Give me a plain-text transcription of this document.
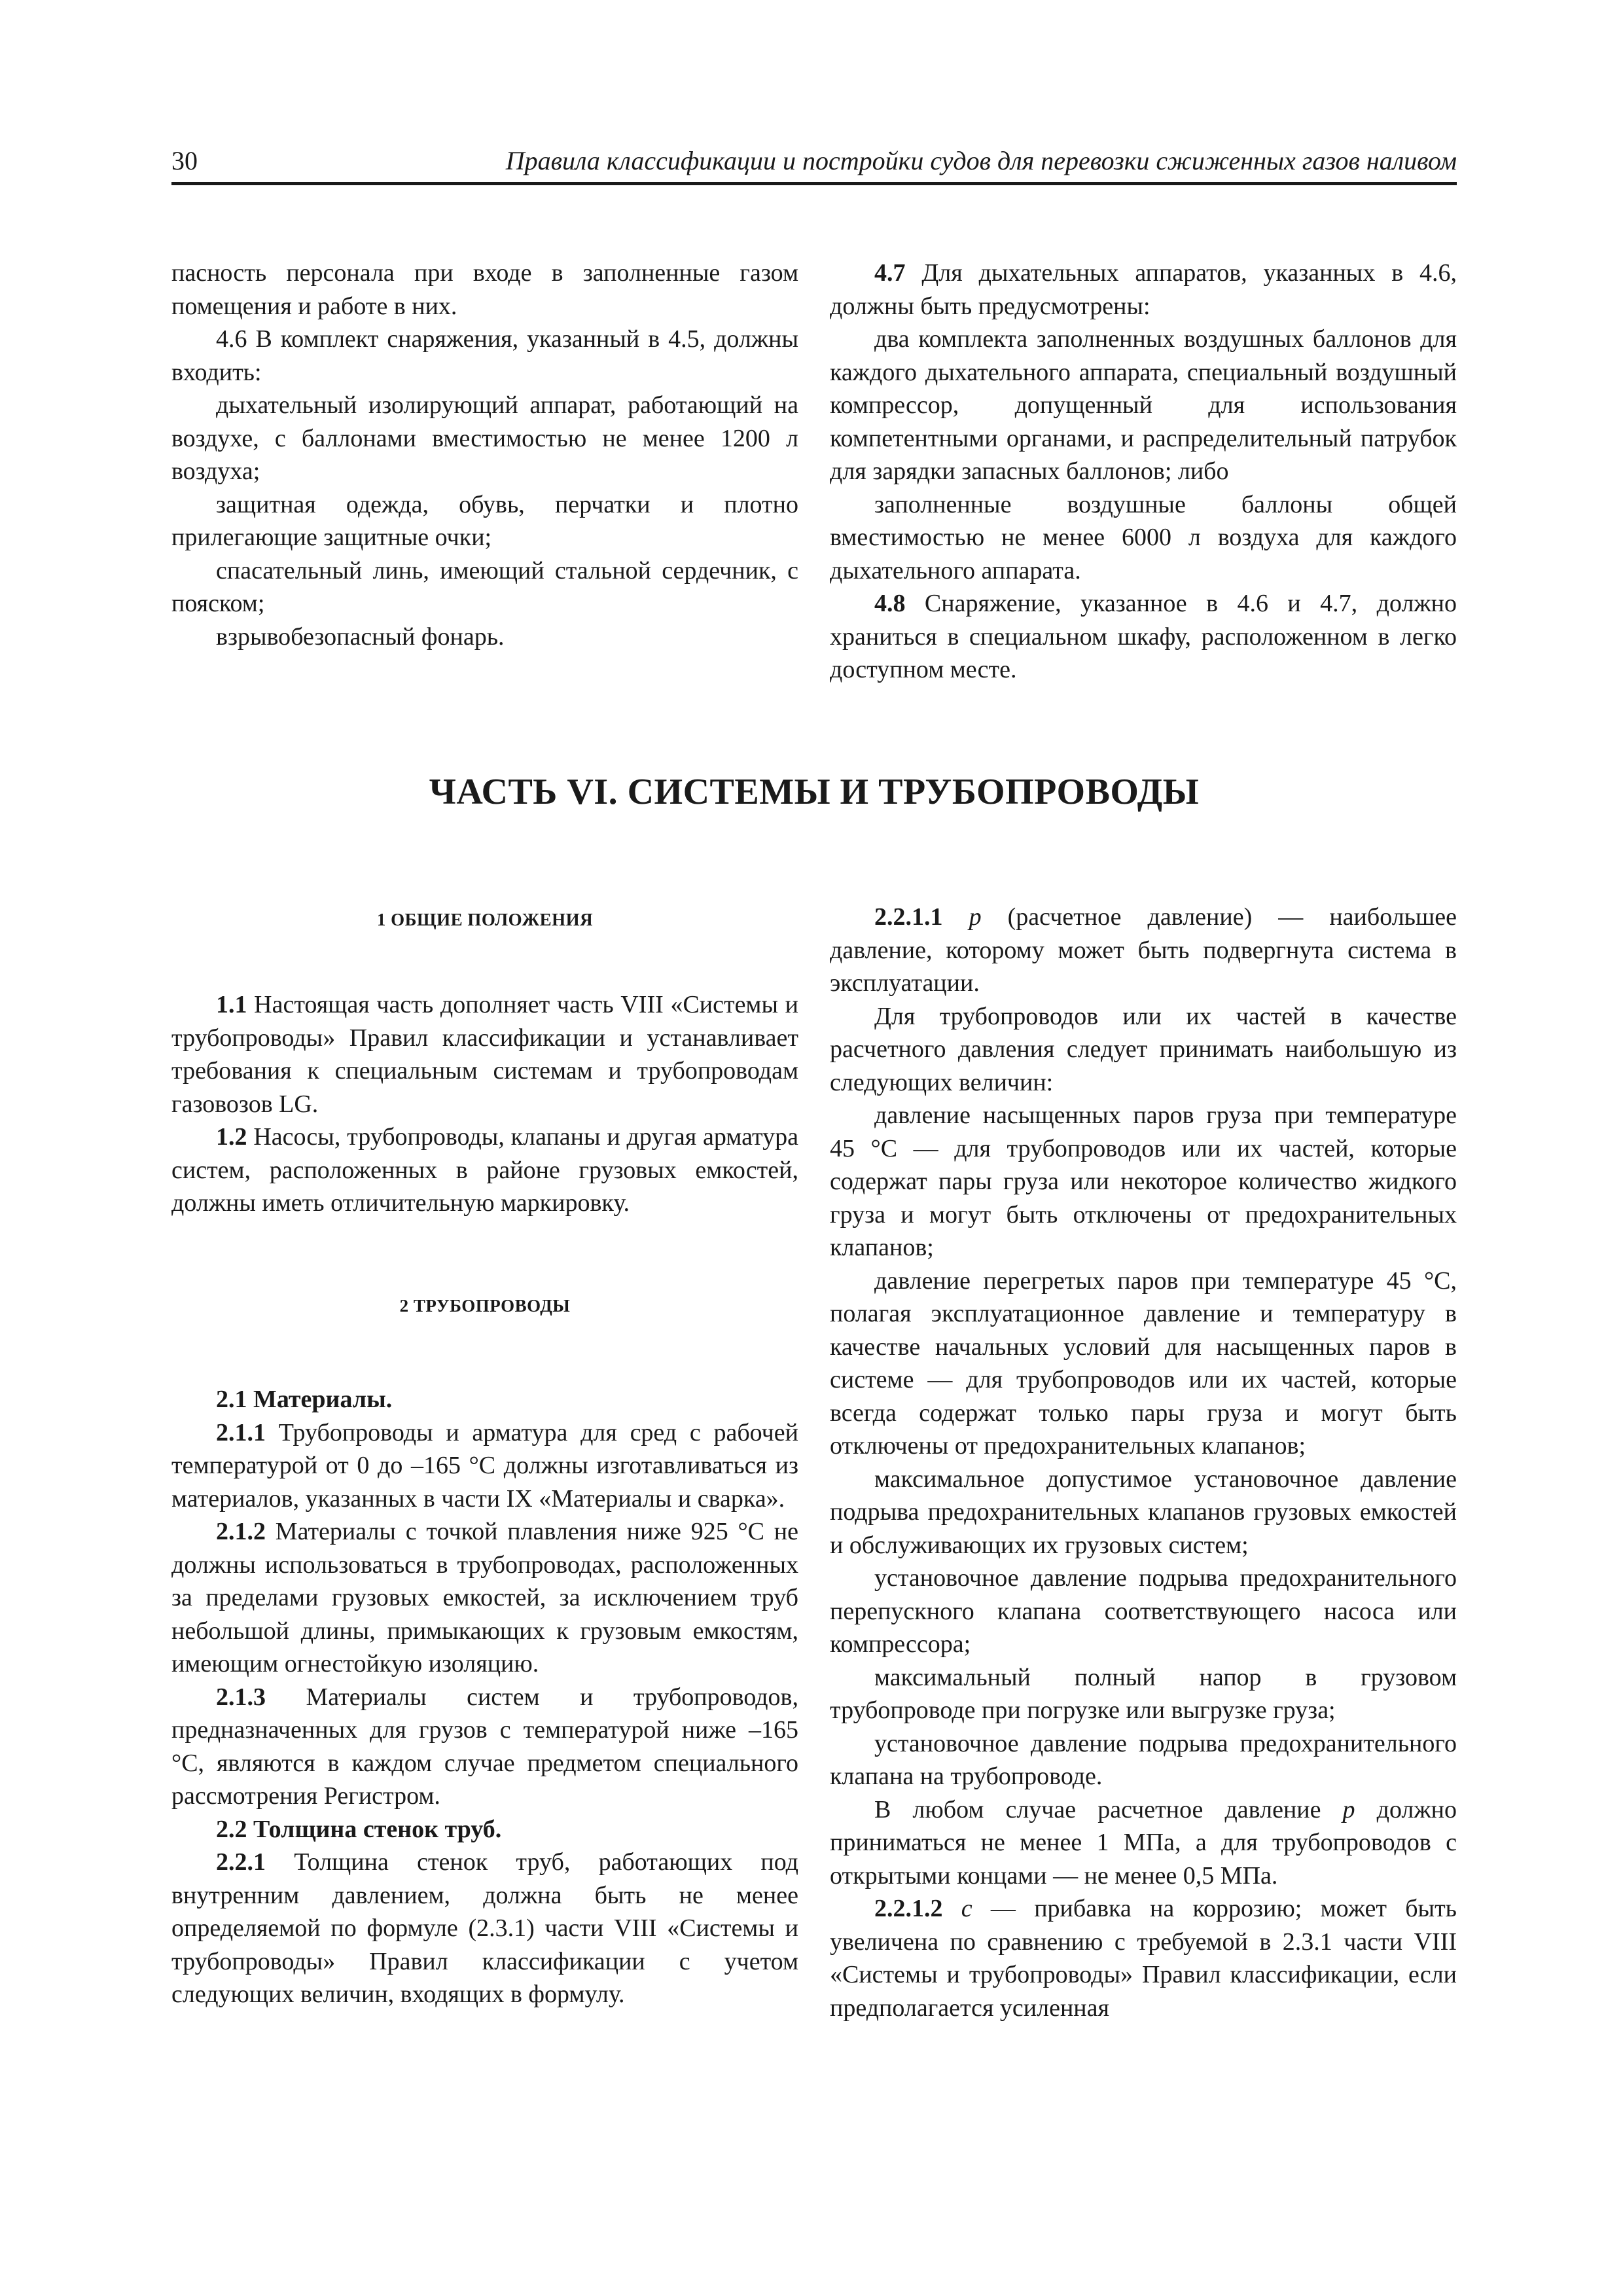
30	Правила классификации и постройки судов для перевозки сжиженных газов наливом

пасность персонала при входе в заполненные газом помещения и работе в них.

4.6 В комплект снаряжения, указанный в 4.5, должны входить:

дыхательный изолирующий аппарат, работающий на воздухе, с баллонами вместимостью не менее 1200 л воздуха;

защитная одежда, обувь, перчатки и плотно прилегающие защитные очки;

спасательный линь, имеющий стальной сердечник, с пояском;

взрывобезопасный фонарь.

4.7 Для дыхательных аппаратов, указанных в 4.6, должны быть предусмотрены:

два комплекта заполненных воздушных баллонов для каждого дыхательного аппарата, специальный воздушный компрессор, допущенный для использования компетентными органами, и распределительный патрубок для зарядки запасных баллонов; либо

заполненные воздушные баллоны общей вместимостью не менее 6000 л воздуха для каждого дыхательного аппарата.

4.8 Снаряжение, указанное в 4.6 и 4.7, должно храниться в специальном шкафу, расположенном в легко доступном месте.

ЧАСТЬ VI. СИСТЕМЫ И ТРУБОПРОВОДЫ
1 ОБЩИЕ ПОЛОЖЕНИЯ

1.1 Настоящая часть дополняет часть VIII «Системы и трубопроводы» Правил классификации и устанавливает требования к специальным системам и трубопроводам газовозов LG.

1.2 Насосы, трубопроводы, клапаны и другая арматура систем, расположенных в районе грузовых емкостей, должны иметь отличительную маркировку.

2 ТРУБОПРОВОДЫ

2.1 Материалы.

2.1.1 Трубопроводы и арматура для сред с рабочей температурой от 0 до –165 °C должны изготавливаться из материалов, указанных в части IX «Материалы и сварка».

2.1.2 Материалы с точкой плавления ниже 925 °C не должны использоваться в трубопроводах, расположенных за пределами грузовых емкостей, за исключением труб небольшой длины, примыкающих к грузовым емкостям, имеющим огнестойкую изоляцию.

2.1.3 Материалы систем и трубопроводов, предназначенных для грузов с температурой ниже –165 °C, являются в каждом случае предметом специального рассмотрения Регистром.

2.2 Толщина стенок труб.

2.2.1 Толщина стенок труб, работающих под внутренним давлением, должна быть не менее определяемой по формуле (2.3.1) части VIII «Системы и трубопроводы» Правил классификации с учетом следующих величин, входящих в формулу.

2.2.1.1 p (расчетное давление) — наибольшее давление, которому может быть подвергнута система в эксплуатации.

Для трубопроводов или их частей в качестве расчетного давления следует принимать наибольшую из следующих величин:

давление насыщенных паров груза при температуре 45 °C — для трубопроводов или их частей, которые содержат пары груза или некоторое количество жидкого груза и могут быть отключены от предохранительных клапанов;

давление перегретых паров при температуре 45 °C, полагая эксплуатационное давление и температуру в качестве начальных условий для насыщенных паров в системе — для трубопроводов или их частей, которые всегда содержат только пары груза и могут быть отключены от предохранительных клапанов;

максимальное допустимое установочное давление подрыва предохранительных клапанов грузовых емкостей и обслуживающих их грузовых систем;

установочное давление подрыва предохранительного перепускного клапана соответствующего насоса или компрессора;

максимальный полный напор в грузовом трубопроводе при погрузке или выгрузке груза;

установочное давление подрыва предохранительного клапана на трубопроводе.

В любом случае расчетное давление p должно приниматься не менее 1 МПа, а для трубопроводов с открытыми концами — не менее 0,5 МПа.

2.2.1.2 c — прибавка на коррозию; может быть увеличена по сравнению с требуемой в 2.3.1 части VIII «Системы и трубопроводы» Правил классификации, если предполагается усиленная
